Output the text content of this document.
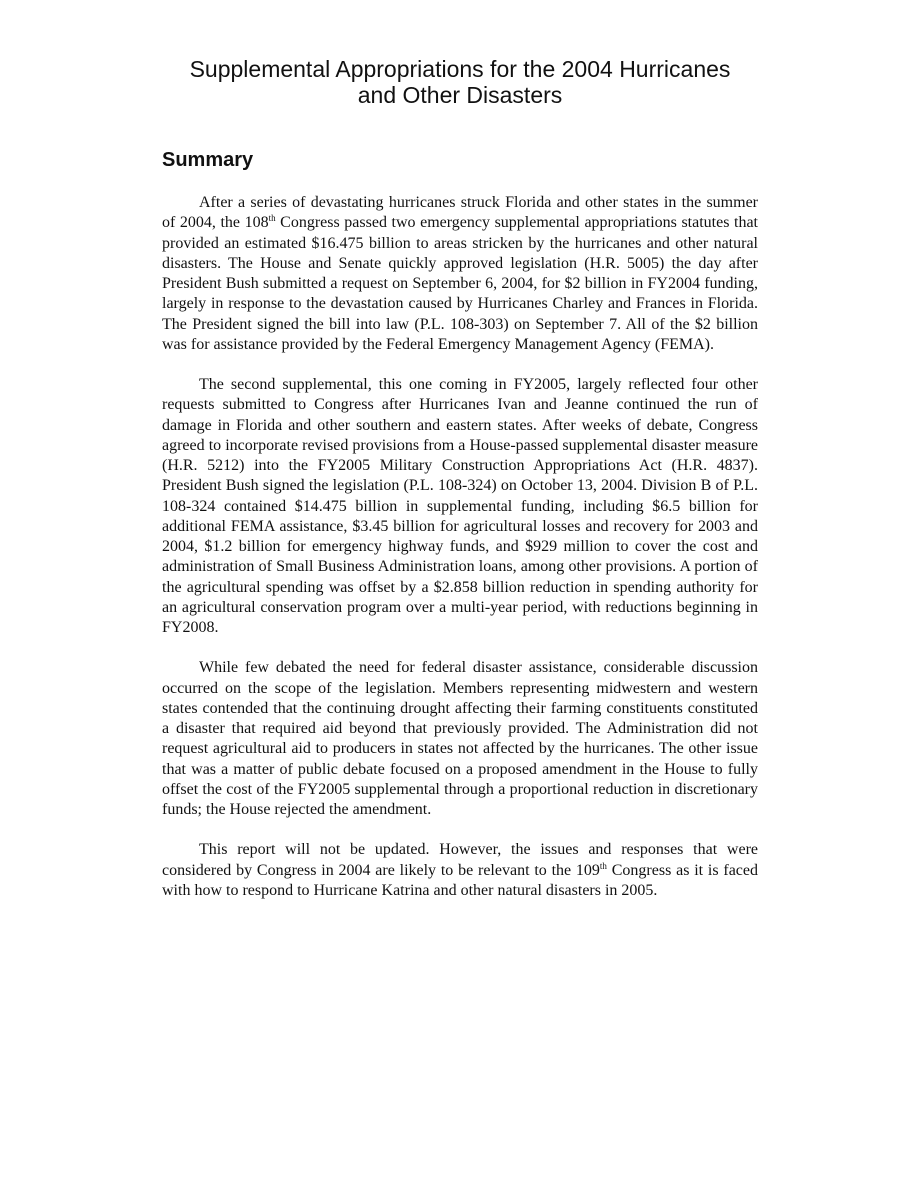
Supplemental Appropriations for the 2004 Hurricanes
and Other Disasters
Summary

After a series of devastating hurricanes struck Florida and other states in the summer of 2004, the 108th Congress passed two emergency supplemental appropriations statutes that provided an estimated $16.475 billion to areas stricken by the hurricanes and other natural disasters. The House and Senate quickly approved legislation (H.R. 5005) the day after President Bush submitted a request on September 6, 2004, for $2 billion in FY2004 funding, largely in response to the devastation caused by Hurricanes Charley and Frances in Florida. The President signed the bill into law (P.L. 108-303) on September 7. All of the $2 billion was for assistance provided by the Federal Emergency Management Agency (FEMA).

The second supplemental, this one coming in FY2005, largely reflected four other requests submitted to Congress after Hurricanes Ivan and Jeanne continued the run of damage in Florida and other southern and eastern states. After weeks of debate, Congress agreed to incorporate revised provisions from a House-passed supplemental disaster measure (H.R. 5212) into the FY2005 Military Construction Appropriations Act (H.R. 4837). President Bush signed the legislation (P.L. 108-324) on October 13, 2004. Division B of P.L. 108-324 contained $14.475 billion in supplemental funding, including $6.5 billion for additional FEMA assistance, $3.45 billion for agricultural losses and recovery for 2003 and 2004, $1.2 billion for emergency highway funds, and $929 million to cover the cost and administration of Small Business Administration loans, among other provisions. A portion of the agricultural spending was offset by a $2.858 billion reduction in spending authority for an agricultural conservation program over a multi-year period, with reductions beginning in FY2008.

While few debated the need for federal disaster assistance, considerable discussion occurred on the scope of the legislation. Members representing midwestern and western states contended that the continuing drought affecting their farming constituents constituted a disaster that required aid beyond that previously provided. The Administration did not request agricultural aid to producers in states not affected by the hurricanes. The other issue that was a matter of public debate focused on a proposed amendment in the House to fully offset the cost of the FY2005 supplemental through a proportional reduction in discretionary funds; the House rejected the amendment.

This report will not be updated. However, the issues and responses that were considered by Congress in 2004 are likely to be relevant to the 109th Congress as it is faced with how to respond to Hurricane Katrina and other natural disasters in 2005.
